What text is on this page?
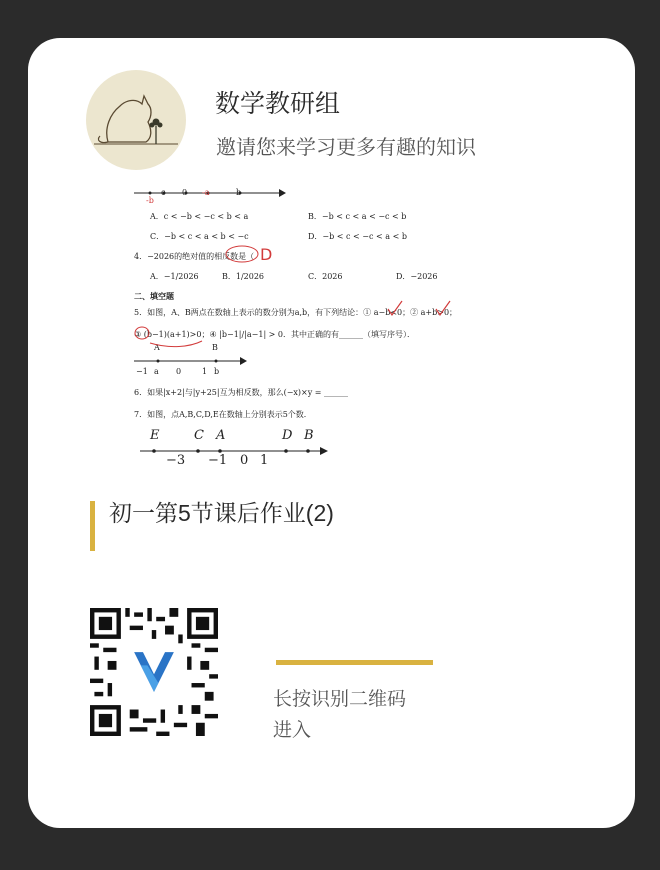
数学教研组
邀请您来学习更多有趣的知识
-b
c 0 -a	b
A．c < −b < −c < b < a	B．−b < c < a < −c < b
C．−b < c < a < b < −c	D．−b < c < −c < a < b
4．−2026的绝对值的相反数是（ D
A．−1/2026	B．1/2026	C．2026	D．−2026
二、填空题
5．如图，A、B两点在数轴上表示的数分别为a,b，有下列结论：① a−b<0；② a+b>0；
③ (b−1)(a+1)>0；④ |b−1|/|a−1| > 0．其中正确的有______（填写序号）．
A	B
−1 a 0	1 b
6．如果|x+2|与|y+25|互为相反数，那么(−x)×y = ______
7．如图，点A,B,C,D,E在数轴上分别表示5个数．
E	C A	D B
−3 −1 0 1
初一第5节课后作业(2)
长按识别二维码
进入
